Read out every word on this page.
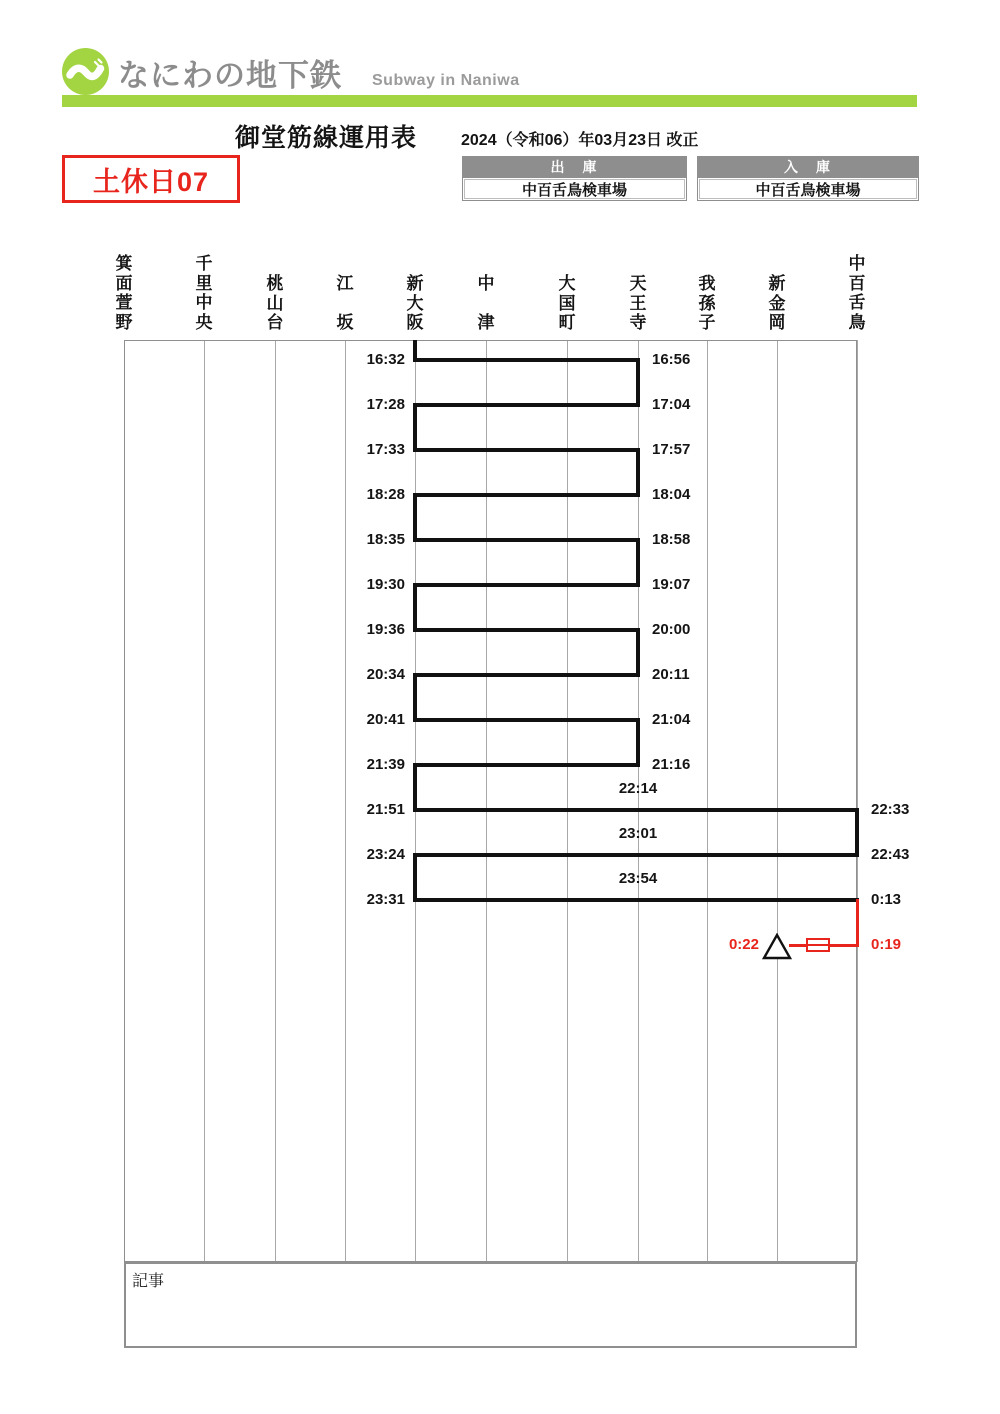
なにわの地下鉄 Subway in Naniwa
御堂筋線運用表	2024（令和06）年03月23日 改正
土休日07	出　庫
中百舌鳥検車場
入　庫
中百舌鳥検車場
箕
面
萱
野
千
里
中
央
桃
山
台
江
坂
新
大
阪
中
津
大
国
町
天
王
寺
我
孫
子
新
金
岡
中
百
舌
鳥
16:32	16:56
17:28	17:04
17:33	17:57
18:28	18:04
18:35	18:58
19:30	19:07
19:36	20:00
20:34	20:11
20:41	21:04
21:39	21:16
21:51	22:33
22:14
23:24	22:43
23:01
23:31	0:13
23:54
0:22	0:19
記事
